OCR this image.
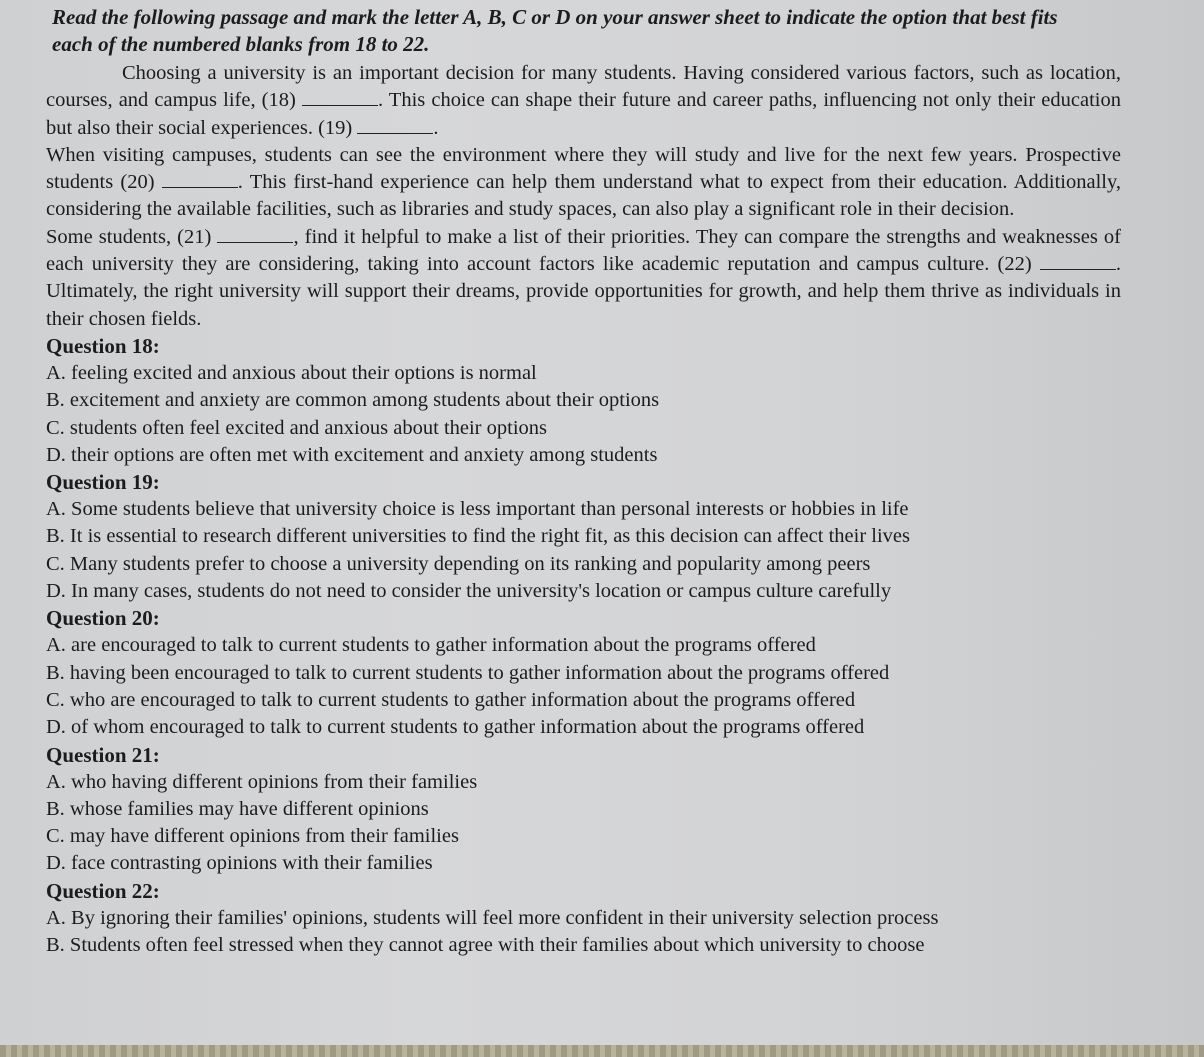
Read the following passage and mark the letter A, B, C or D on your answer sheet to indicate the option that best fits each of the numbered blanks from 18 to 22.

Choosing a university is an important decision for many students. Having considered various factors, such as location, courses, and campus life, (18)	. This choice can shape their future and career paths, influencing not only their education but also their social experiences. (19)	.

When visiting campuses, students can see the environment where they will study and live for the next few years. Prospective students (20)	. This first-hand experience can help them understand what to expect from their education. Additionally, considering the available facilities, such as libraries and study spaces, can also play a significant role in their decision.

Some students, (21)	, find it helpful to make a list of their priorities. They can compare the strengths and weaknesses of each university they are considering, taking into account factors like academic reputation and campus culture. (22)	. Ultimately, the right university will support their dreams, provide opportunities for growth, and help them thrive as individuals in their chosen fields.

Question 18:

A. feeling excited and anxious about their options is normal

B. excitement and anxiety are common among students about their options

C. students often feel excited and anxious about their options

D. their options are often met with excitement and anxiety among students

Question 19:

A. Some students believe that university choice is less important than personal interests or hobbies in life

B. It is essential to research different universities to find the right fit, as this decision can affect their lives

C. Many students prefer to choose a university depending on its ranking and popularity among peers

D. In many cases, students do not need to consider the university's location or campus culture carefully

Question 20:

A. are encouraged to talk to current students to gather information about the programs offered

B. having been encouraged to talk to current students to gather information about the programs offered

C. who are encouraged to talk to current students to gather information about the programs offered

D. of whom encouraged to talk to current students to gather information about the programs offered

Question 21:

A. who having different opinions from their families

B. whose families may have different opinions

C. may have different opinions from their families

D. face contrasting opinions with their families

Question 22:

A. By ignoring their families' opinions, students will feel more confident in their university selection process

B. Students often feel stressed when they cannot agree with their families about which university to choose
